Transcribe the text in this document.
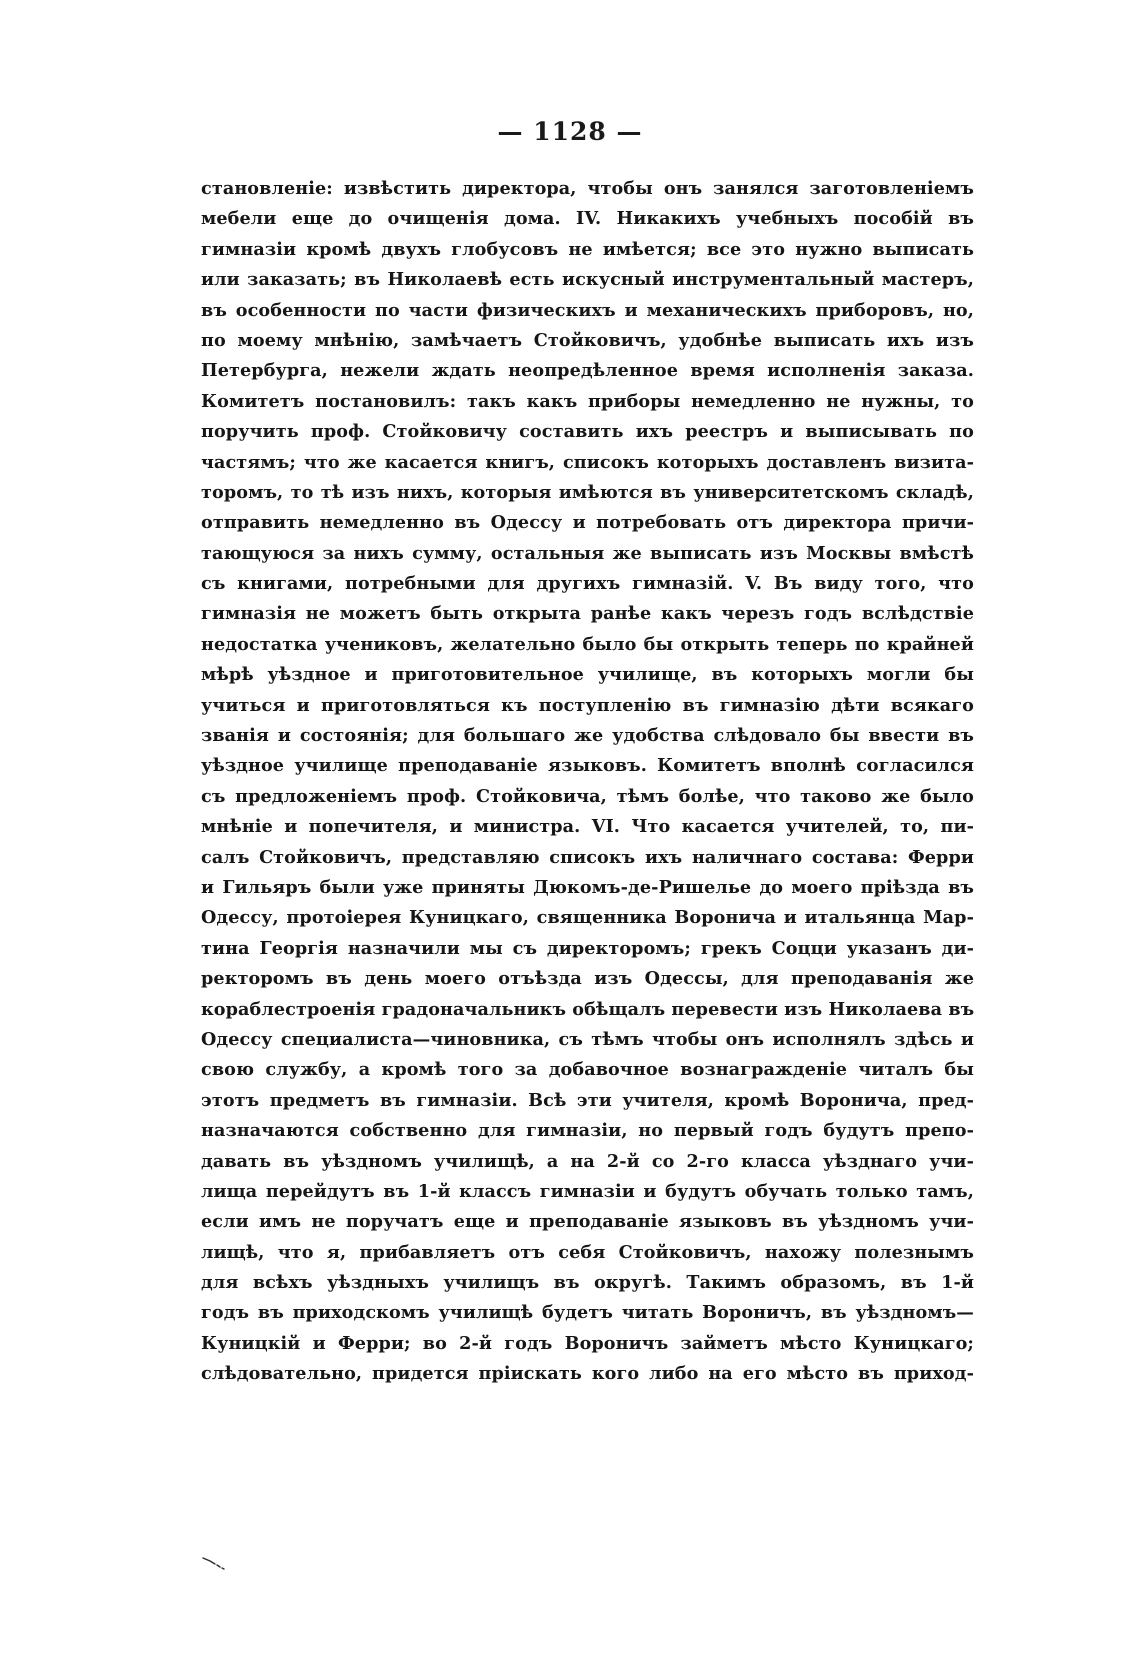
— 1128 —
становленіе: извѣстить директора, чтобы онъ занялся заготовленіемъ
мебели еще до очищенія дома. IV. Никакихъ учебныхъ пособій въ
гимназіи кромѣ двухъ глобусовъ не имѣется; все это нужно выписать
или заказать; въ Николаевѣ есть искусный инструментальный мастеръ,
въ особенности по части физическихъ и механическихъ приборовъ, но,
по моему мнѣнію, замѣчаетъ Стойковичъ, удобнѣе выписать ихъ изъ
Петербурга, нежели ждать неопредѣленное время исполненія заказа.
Комитетъ постановилъ: такъ какъ приборы немедленно не нужны, то
поручить проф. Стойковичу составить ихъ реестръ и выписывать по
частямъ; что же касается книгъ, списокъ которыхъ доставленъ визита-
торомъ, то тѣ изъ нихъ, которыя имѣются въ университетскомъ складѣ,
отправить немедленно въ Одессу и потребовать отъ директора причи-
тающуюся за нихъ сумму, остальныя же выписать изъ Москвы вмѣстѣ
съ книгами, потребными для другихъ гимназій. V. Въ виду того, что
гимназія не можетъ быть открыта ранѣе какъ черезъ годъ вслѣдствіе
недостатка учениковъ, желательно было бы открыть теперь по крайней
мѣрѣ уѣздное и приготовительное училище, въ которыхъ могли бы
учиться и приготовляться къ поступленію въ гимназію дѣти всякаго
званія и состоянія; для большаго же удобства слѣдовало бы ввести въ
уѣздное училище преподаваніе языковъ. Комитетъ вполнѣ согласился
съ предложеніемъ проф. Стойковича, тѣмъ болѣе, что таково же было
мнѣніе и попечителя, и министра. VI. Что касается учителей, то, пи-
салъ Стойковичъ, представляю списокъ ихъ наличнаго состава: Ферри
и Гильяръ были уже приняты Дюкомъ-де-Ришелье до моего пріѣзда въ
Одессу, протоіерея Куницкаго, священника Воронича и итальянца Мар-
тина Георгія назначили мы съ директоромъ; грекъ Соцци указанъ ди-
ректоромъ въ день моего отъѣзда изъ Одессы, для преподаванія же
кораблестроенія градоначальникъ обѣщалъ перевести изъ Николаева въ
Одессу специалиста—чиновника, съ тѣмъ чтобы онъ исполнялъ здѣсь и
свою службу, а кромѣ того за добавочное вознагражденіе читалъ бы
этотъ предметъ въ гимназіи. Всѣ эти учителя, кромѣ Воронича, пред-
назначаются собственно для гимназіи, но первый годъ будутъ препо-
давать въ уѣздномъ училищѣ, а на 2-й со 2-го класса уѣзднаго учи-
лища перейдутъ въ 1-й классъ гимназіи и будутъ обучать только тамъ,
если имъ не поручатъ еще и преподаваніе языковъ въ уѣздномъ учи-
лищѣ, что я, прибавляетъ отъ себя Стойковичъ, нахожу полезнымъ
для всѣхъ уѣздныхъ училищъ въ округѣ. Такимъ образомъ, въ 1-й
годъ въ приходскомъ училищѣ будетъ читать Вороничъ, въ уѣздномъ—
Куницкій и Ферри; во 2-й годъ Вороничъ займетъ мѣсто Куницкаго;
слѣдовательно, придется пріискать кого либо на его мѣсто въ приход-
